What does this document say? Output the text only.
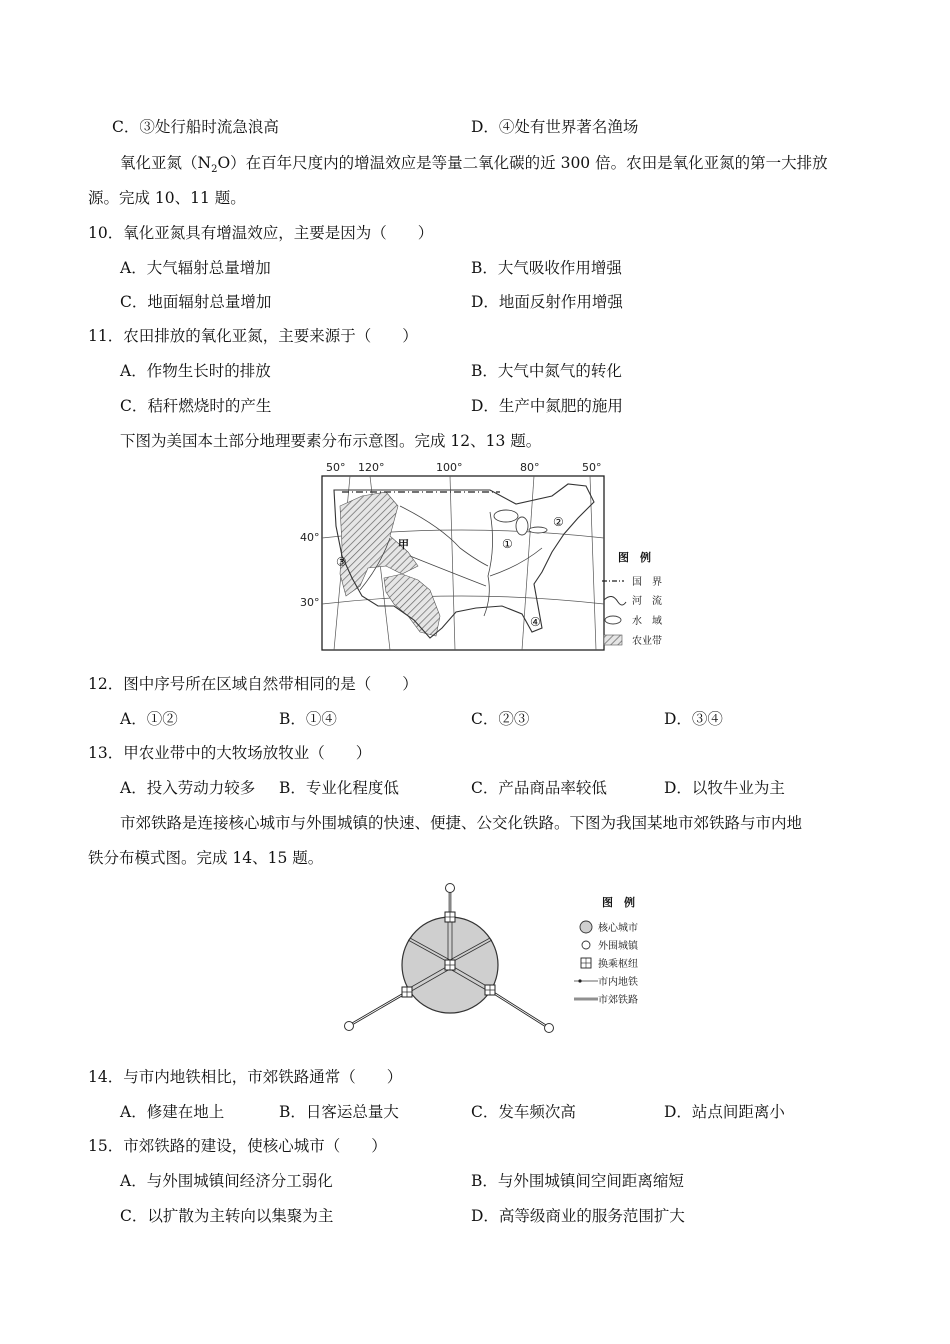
C．③处行船时流急浪高	D．④处有世界著名渔场
氧化亚氮$(N_2O)$在百年尺度内的增温效应是等量二氧化碳的近 300 倍。农田是氧化亚氮的第一大排放
源。完成 10、11 题。
10．氧化亚氮具有增温效应，主要是因为（　　）
A．大气辐射总量增加	B．大气吸收作用增强
C．地面辐射总量增加	D．地面反射作用增强
11．农田排放的氧化亚氮，主要来源于（　　）
A．作物生长时的排放	B．大气中氮气的转化
C．秸秆燃烧时的产生	D．生产中氮肥的施用
下图为美国本土部分地理要素分布示意图。完成 12、13 题。
50° 120°	100°	80°	50°
40°
30°
甲	①
②
③
④
图　例
国　界
河　流
水　域
农业带
12．图中序号所在区域自然带相同的是（　　）
A．①②	B．①④	C．②③	D．③④
13．甲农业带中的大牧场放牧业（　　）
A．投入劳动力较多 B．专业化程度低	C．产品商品率较低	D．以牧牛业为主
市郊铁路是连接核心城市与外围城镇的快速、便捷、公交化铁路。下图为我国某地市郊铁路与市内地
铁分布模式图。完成 14、15 题。
图　例
核心城市
外围城镇
换乘枢纽
市内地铁
市郊铁路
14．与市内地铁相比，市郊铁路通常（　　）
A．修建在地上	B．日客运总量大	C．发车频次高	D．站点间距离小
15．市郊铁路的建设，使核心城市（　　）
A．与外围城镇间经济分工弱化	B．与外围城镇间空间距离缩短
C．以扩散为主转向以集聚为主	D．高等级商业的服务范围扩大
